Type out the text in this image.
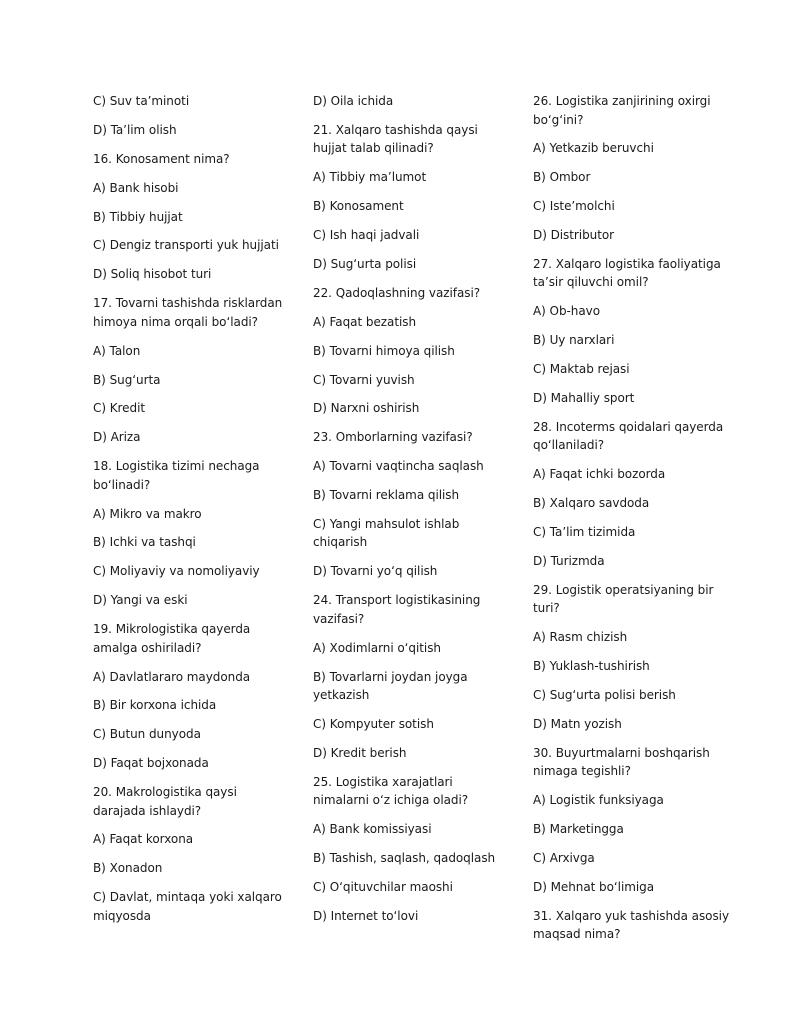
C) Suv ta’minoti
D) Ta’lim olish
16. Konosament nima?
A) Bank hisobi
B) Tibbiy hujjat
C) Dengiz transporti yuk hujjati
D) Soliq hisobot turi
17. Tovarni tashishda risklardan himoya nima orqali bo‘ladi?
A) Talon
B) Sug‘urta
C) Kredit
D) Ariza
18. Logistika tizimi nechaga bo‘linadi?
A) Mikro va makro
B) Ichki va tashqi
C) Moliyaviy va nomoliyaviy
D) Yangi va eski
19. Mikrologistika qayerda amalga oshiriladi?
A) Davlatlararo maydonda
B) Bir korxona ichida
C) Butun dunyoda
D) Faqat bojxonada
20. Makrologistika qaysi darajada ishlaydi?
A) Faqat korxona
B) Xonadon
C) Davlat, mintaqa yoki xalqaro miqyosda
D) Oila ichida
21. Xalqaro tashishda qaysi hujjat talab qilinadi?
A) Tibbiy ma’lumot
B) Konosament
C) Ish haqi jadvali
D) Sug‘urta polisi
22. Qadoqlashning vazifasi?
A) Faqat bezatish
B) Tovarni himoya qilish
C) Tovarni yuvish
D) Narxni oshirish
23. Omborlarning vazifasi?
A) Tovarni vaqtincha saqlash
B) Tovarni reklama qilish
C) Yangi mahsulot ishlab chiqarish
D) Tovarni yo‘q qilish
24. Transport logistikasining vazifasi?
A) Xodimlarni o‘qitish
B) Tovarlarni joydan joyga yetkazish
C) Kompyuter sotish
D) Kredit berish
25. Logistika xarajatlari nimalarni o‘z ichiga oladi?
A) Bank komissiyasi
B) Tashish, saqlash, qadoqlash
C) O‘qituvchilar maoshi
D) Internet to‘lovi
26. Logistika zanjirining oxirgi bo‘g‘ini?
A) Yetkazib beruvchi
B) Ombor
C) Iste’molchi
D) Distributor
27. Xalqaro logistika faoliyatiga ta’sir qiluvchi omil?
A) Ob-havo
B) Uy narxlari
C) Maktab rejasi
D) Mahalliy sport
28. Incoterms qoidalari qayerda qo‘llaniladi?
A) Faqat ichki bozorda
B) Xalqaro savdoda
C) Ta’lim tizimida
D) Turizmda
29. Logistik operatsiyaning bir turi?
A) Rasm chizish
B) Yuklash-tushirish
C) Sug‘urta polisi berish
D) Matn yozish
30. Buyurtmalarni boshqarish nimaga tegishli?
A) Logistik funksiyaga
B) Marketingga
C) Arxivga
D) Mehnat bo‘limiga
31. Xalqaro yuk tashishda asosiy maqsad nima?
